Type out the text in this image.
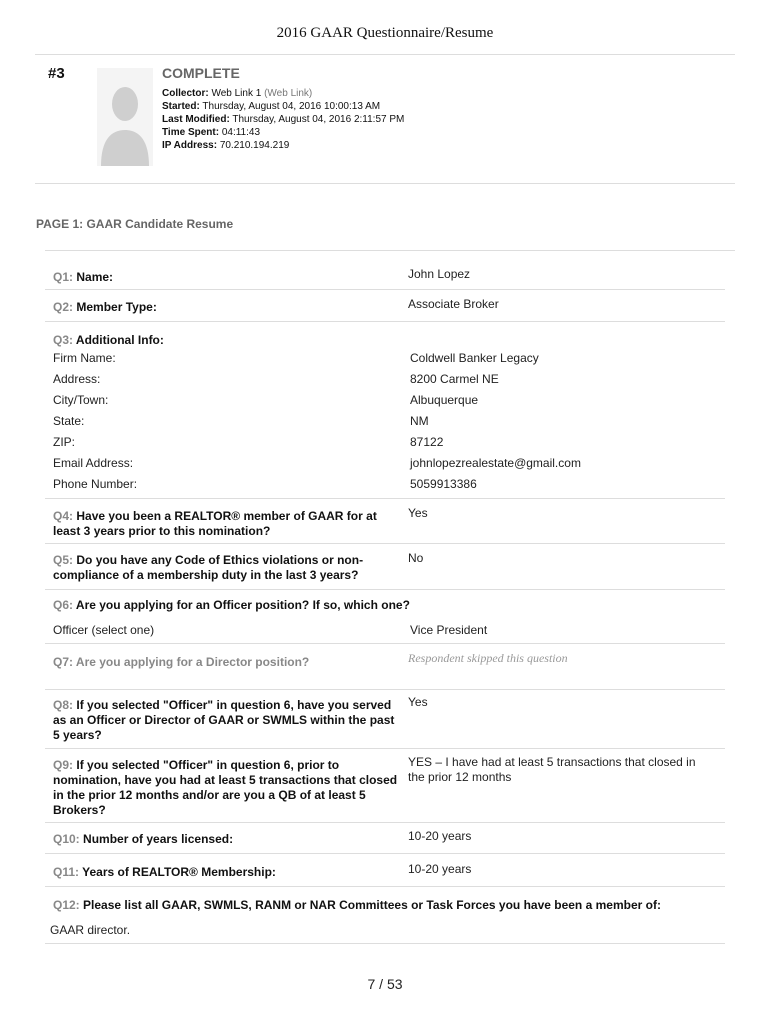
2016 GAAR Questionnaire/Resume
#3	COMPLETE
Collector: Web Link 1 (Web Link)
Started: Thursday, August 04, 2016 10:00:13 AM
Last Modified: Thursday, August 04, 2016 2:11:57 PM
Time Spent: 04:11:43
IP Address: 70.210.194.219
PAGE 1: GAAR Candidate Resume
Q1: Name:	John Lopez
Q2: Member Type:	Associate Broker
Q3: Additional Info:
Firm Name:	Coldwell Banker Legacy
Address:	8200 Carmel NE
City/Town:	Albuquerque
State:	NM
ZIP:	87122
Email Address:	johnlopezrealestate@gmail.com
Phone Number:	5059913386
Q4: Have you been a REALTOR® member of GAAR for at least 3 years prior to this nomination?
Yes
Q5: Do you have any Code of Ethics violations or non-compliance of a membership duty in the last 3 years?
No
Q6: Are you applying for an Officer position? If so, which one?
Officer (select one)	Vice President
Q7: Are you applying for a Director position?	Respondent skipped this question
Q8: If you selected "Officer" in question 6, have you served as an Officer or Director of GAAR or SWMLS within the past 5 years?
Yes
Q9: If you selected "Officer" in question 6, prior to nomination, have you had at least 5 transactions that closed in the prior 12 months and/or are you a QB of at least 5 Brokers?
YES – I have had at least 5 transactions that closed in the prior 12 months
Q10: Number of years licensed:	10-20 years
Q11: Years of REALTOR® Membership:	10-20 years
Q12: Please list all GAAR, SWMLS, RANM or NAR Committees or Task Forces you have been a member of:
GAAR director.
7 / 53
